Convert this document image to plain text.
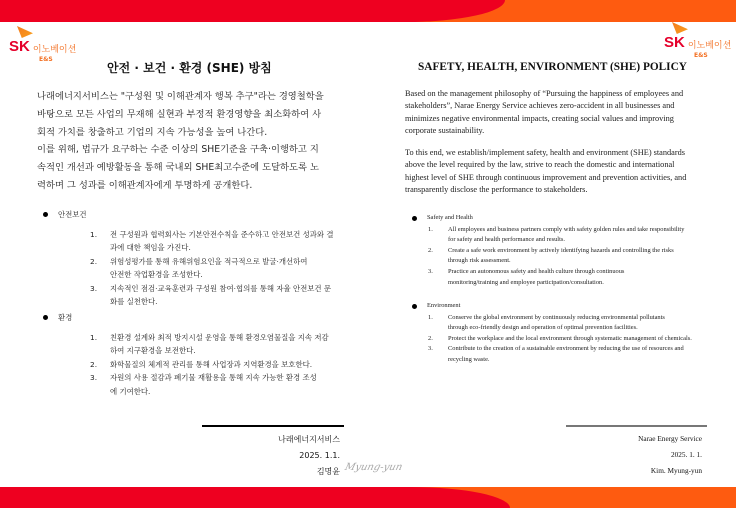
SK 이노베이션
E&S
SK 이노베이션
E&S
안전 · 보건 · 환경 (SHE) 방침

나래에너지서비스는 "구성원 및 이해관계자 행복 추구"라는 경영철학을 바탕으로 모든 사업의 무재해 실현과 부정적 환경영향을 최소화하여 사회적 가치를 창출하고 기업의 지속 가능성을 높여 나간다.

이를 위해, 법규가 요구하는 수준 이상의 SHE기준을 구축·이행하고 지속적인 개선과 예방활동을 통해 국내외 SHE최고수준에 도달하도록 노력하며 그 성과를 이해관계자에게 투명하게 공개한다.

안전보건
1.	전 구성원과 협력회사는 기본안전수칙을 준수하고 안전보건 성과와 결과에 대한 책임을 가진다.
2.	위험성평가를 통해 유해위험요인을 적극적으로 발굴·개선하여 안전한 작업환경을 조성한다.
3.	지속적인 점검·교육훈련과 구성원 참여·협의를 통해 자율 안전보건 문화를 실천한다.
환경
1.	친환경 설계와 최적 방지시설 운영을 통해 환경오염물질을 지속 저감하여 지구환경을 보전한다.
2.	화학물질의 체계적 관리를 통해 사업장과 지역환경을 보호한다.
3.	자원의 사용 절감과 폐기물 재활용을 통해 지속 가능한 환경 조성에 기여한다.
나래에너지서비스
2025. 1.1.
김명윤 Myung-yun
SAFETY, HEALTH, ENVIRONMENT (SHE) POLICY

Based on the management philosophy of “Pursuing the happiness of employees and stakeholders”, Narae Energy Service achieves zero-accident in all businesses and minimizes negative environmental impacts, creating social values and improving corporate sustainability.

To this end, we establish/implement safety, health and environment (SHE) standards above the level required by the law, strive to reach the domestic and international highest level of SHE through continuous improvement and prevention activities, and transparently disclose the performance to stakeholders.

Safety and Health
1.	All employees and business partners comply with safety golden rules and take responsibility for safety and health performance and results.
2.	Create a safe work environment by actively identifying hazards and controlling the risks through risk assessment.
3.	Practice an autonomous safety and health culture through continuous monitoring/training and employee participation/consultation.
Environment
1.	Conserve the global environment by continuously reducing environmental pollutants through eco-friendly design and operation of optimal prevention facilities.
2.	Protect the workplace and the local environment through systematic management of chemicals.
3.	Contribute to the creation of a sustainable environment by reducing the use of resources and recycling waste.
Narae Energy Service
2025. 1. 1.
Kim. Myung-yun
